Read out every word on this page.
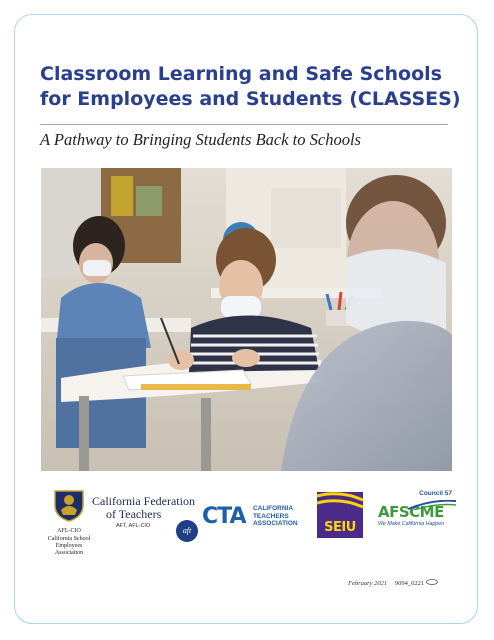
Classroom Learning and Safe Schools
for Employees and Students (CLASSES)

A Pathway to Bringing Students Back to Schools

AFL-CIO
California School Employees Association
California Federation
of Teachers
AFT, AFL-CIO	aft
CTA CALIFORNIA
TEACHERS
ASSOCIATION	SEIU
Council 57
AFSCME
We Make California Happen
February 2021 9094_0221
